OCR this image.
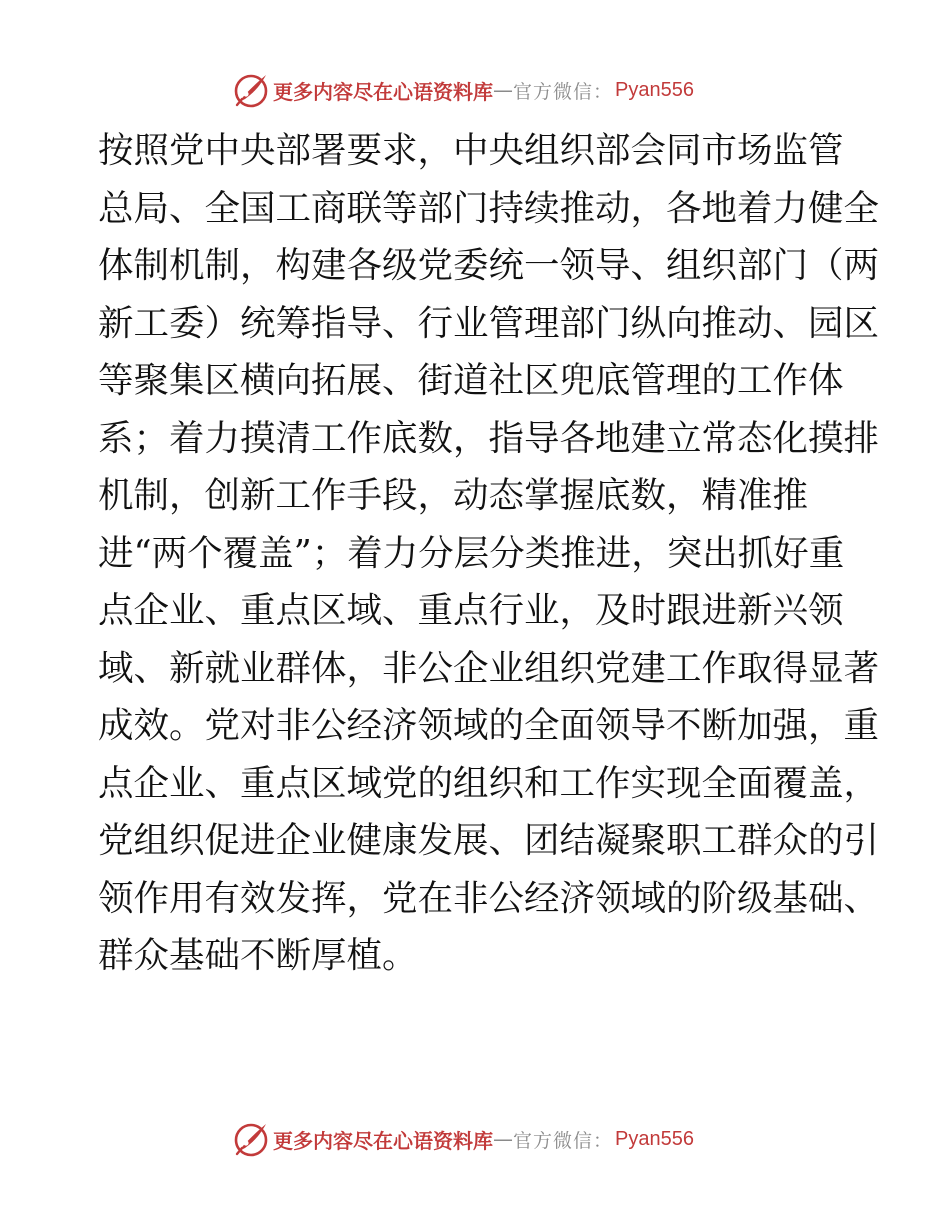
更多内容尽在心语资料库 — 官方微信： Pyan556
按照党中央部署要求，中央组织部会同市场监管
总局、全国工商联等部门持续推动，各地着力健全
体制机制，构建各级党委统一领导、组织部门（两
新工委）统筹指导、行业管理部门纵向推动、园区
等聚集区横向拓展、街道社区兜底管理的工作体
系；着力摸清工作底数，指导各地建立常态化摸排
机制，创新工作手段，动态掌握底数，精准推
进“两个覆盖”；着力分层分类推进，突出抓好重
点企业、重点区域、重点行业，及时跟进新兴领
域、新就业群体，非公企业组织党建工作取得显著
成效。党对非公经济领域的全面领导不断加强，重
点企业、重点区域党的组织和工作实现全面覆盖，
党组织促进企业健康发展、团结凝聚职工群众的引
领作用有效发挥，党在非公经济领域的阶级基础、
群众基础不断厚植。
更多内容尽在心语资料库 — 官方微信： Pyan556
